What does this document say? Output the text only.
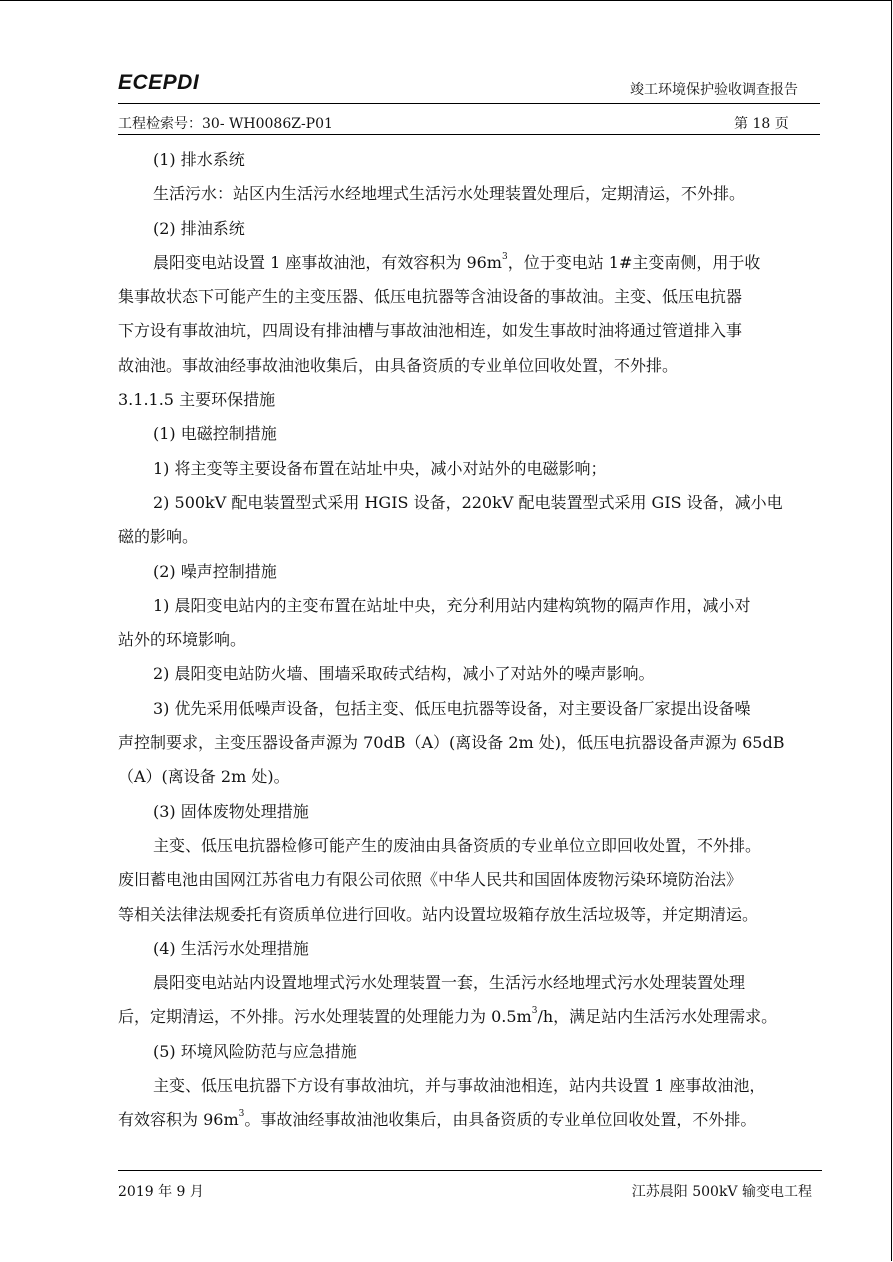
ECEPDI	竣工环境保护验收调查报告
工程检索号：30- WH0086Z-P01	第 18 页

(1) 排水系统

生活污水：站区内生活污水经地埋式生活污水处理装置处理后，定期清运，不外排。

(2) 排油系统

晨阳变电站设置 1 座事故油池，有效容积为 96m3，位于变电站 1#主变南侧，用于收

集事故状态下可能产生的主变压器、低压电抗器等含油设备的事故油。主变、低压电抗器

下方设有事故油坑，四周设有排油槽与事故油池相连，如发生事故时油将通过管道排入事

故油池。事故油经事故油池收集后，由具备资质的专业单位回收处置，不外排。

3.1.1.5 主要环保措施

(1) 电磁控制措施

1) 将主变等主要设备布置在站址中央，减小对站外的电磁影响；

2) 500kV 配电装置型式采用 HGIS 设备，220kV 配电装置型式采用 GIS 设备，减小电

磁的影响。

(2) 噪声控制措施

1) 晨阳变电站内的主变布置在站址中央，充分利用站内建构筑物的隔声作用，减小对

站外的环境影响。

2) 晨阳变电站防火墙、围墙采取砖式结构，减小了对站外的噪声影响。

3) 优先采用低噪声设备，包括主变、低压电抗器等设备，对主要设备厂家提出设备噪

声控制要求，主变压器设备声源为 70dB（A）(离设备 2m 处)，低压电抗器设备声源为 65dB

（A）(离设备 2m 处)。

(3) 固体废物处理措施

主变、低压电抗器检修可能产生的废油由具备资质的专业单位立即回收处置，不外排。

废旧蓄电池由国网江苏省电力有限公司依照《中华人民共和国固体废物污染环境防治法》

等相关法律法规委托有资质单位进行回收。站内设置垃圾箱存放生活垃圾等，并定期清运。

(4) 生活污水处理措施

晨阳变电站站内设置地埋式污水处理装置一套，生活污水经地埋式污水处理装置处理

后，定期清运，不外排。污水处理装置的处理能力为 0.5m3/h，满足站内生活污水处理需求。

(5) 环境风险防范与应急措施

主变、低压电抗器下方设有事故油坑，并与事故油池相连，站内共设置 1 座事故油池，

有效容积为 96m3。事故油经事故油池收集后，由具备资质的专业单位回收处置，不外排。

2019 年 9 月	江苏晨阳 500kV 输变电工程
